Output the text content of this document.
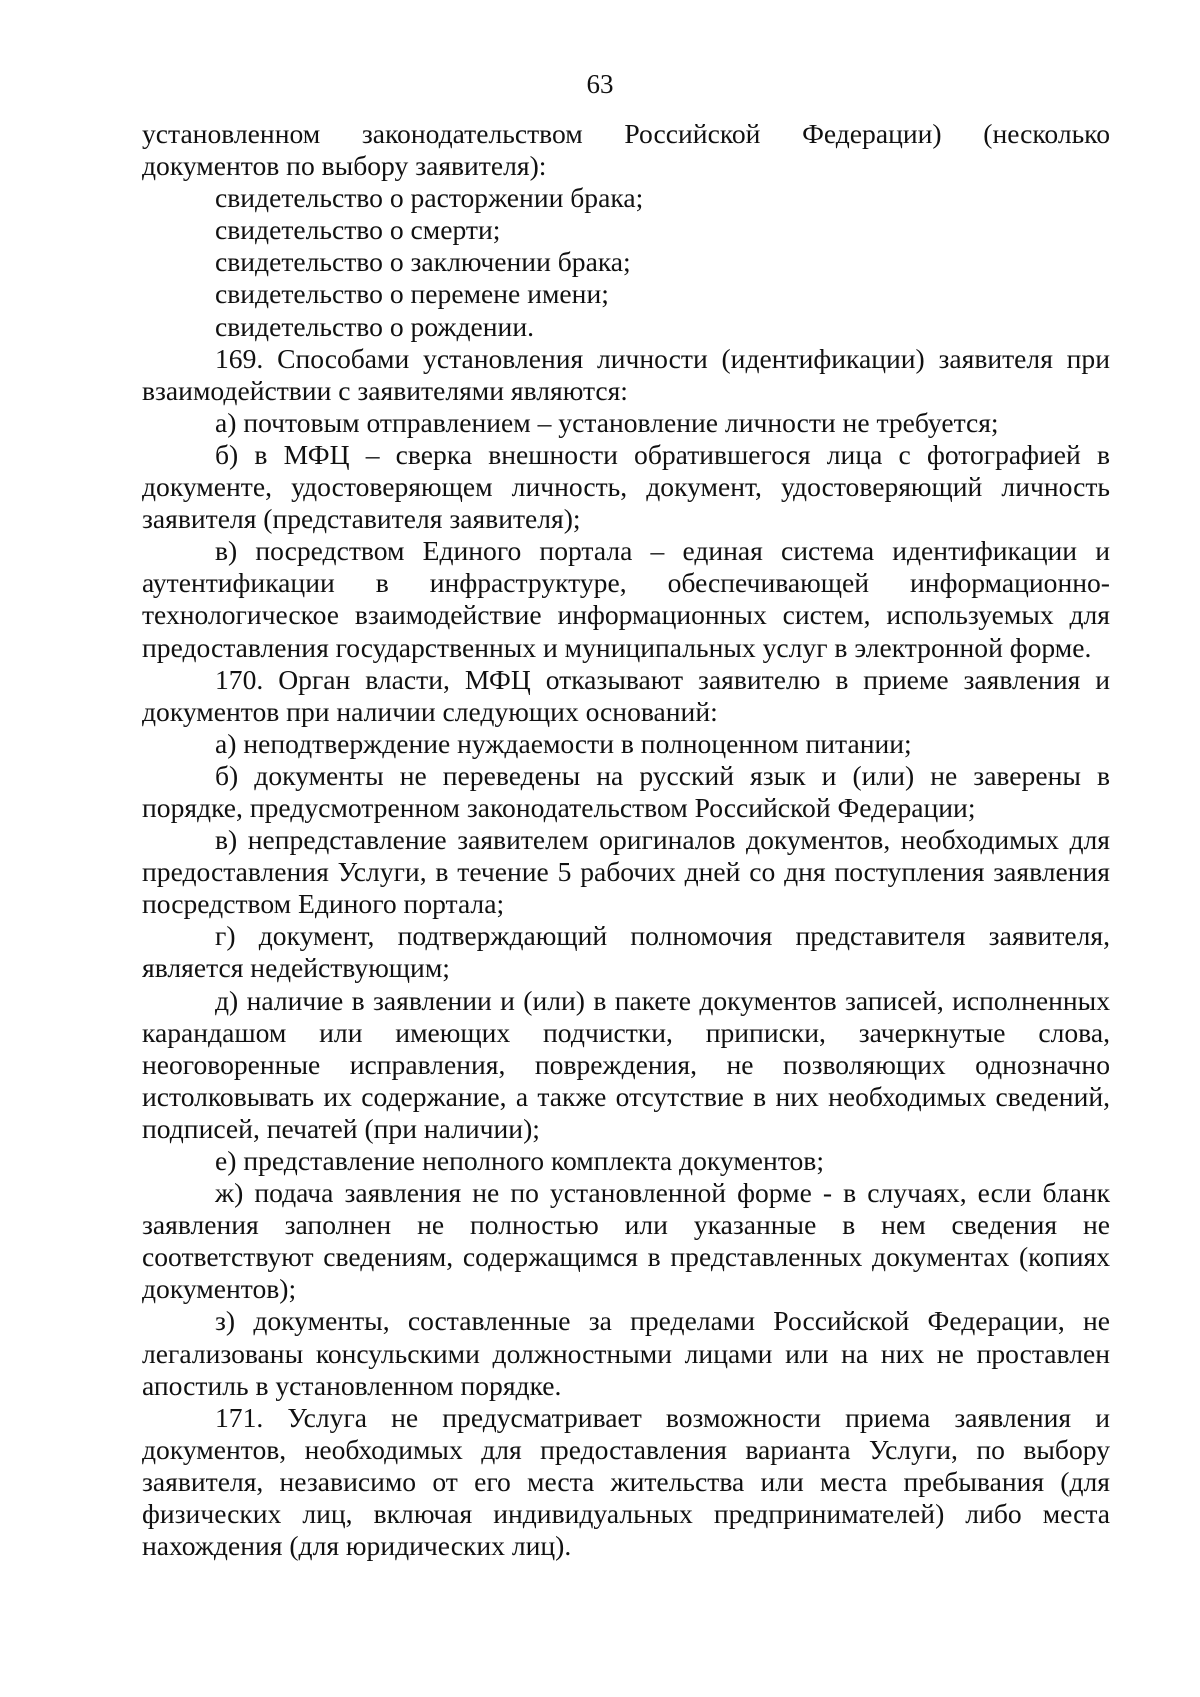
63

установленном законодательством Российской Федерации) (несколько документов по выбору заявителя):

свидетельство о расторжении брака;

свидетельство о смерти;

свидетельство о заключении брака;

свидетельство о перемене имени;

свидетельство о рождении.

169. Способами установления личности (идентификации) заявителя при взаимодействии с заявителями являются:

а) почтовым отправлением – установление личности не требуется;

б) в МФЦ – сверка внешности обратившегося лица с фотографией в документе, удостоверяющем личность, документ, удостоверяющий личность заявителя (представителя заявителя);

в) посредством Единого портала – единая система идентификации и аутентификации в инфраструктуре, обеспечивающей информационно-технологическое взаимодействие информационных систем, используемых для предоставления государственных и муниципальных услуг в электронной форме.

170. Орган власти, МФЦ отказывают заявителю в приеме заявления и документов при наличии следующих оснований:

а) неподтверждение нуждаемости в полноценном питании;

б) документы не переведены на русский язык и (или) не заверены в порядке, предусмотренном законодательством Российской Федерации;

в) непредставление заявителем оригиналов документов, необходимых для предоставления Услуги, в течение 5 рабочих дней со дня поступления заявления посредством Единого портала;

г) документ, подтверждающий полномочия представителя заявителя, является недействующим;

д) наличие в заявлении и (или) в пакете документов записей, исполненных карандашом или имеющих подчистки, приписки, зачеркнутые слова, неоговоренные исправления, повреждения, не позволяющих однозначно истолковывать их содержание, а также отсутствие в них необходимых сведений, подписей, печатей (при наличии);

е) представление неполного комплекта документов;

ж) подача заявления не по установленной форме - в случаях, если бланк заявления заполнен не полностью или указанные в нем сведения не соответствуют сведениям, содержащимся в представленных документах (копиях документов);

з) документы, составленные за пределами Российской Федерации, не легализованы консульскими должностными лицами или на них не проставлен апостиль в установленном порядке.

171. Услуга не предусматривает возможности приема заявления и документов, необходимых для предоставления варианта Услуги, по выбору заявителя, независимо от его места жительства или места пребывания (для физических лиц, включая индивидуальных предпринимателей) либо места нахождения (для юридических лиц).
